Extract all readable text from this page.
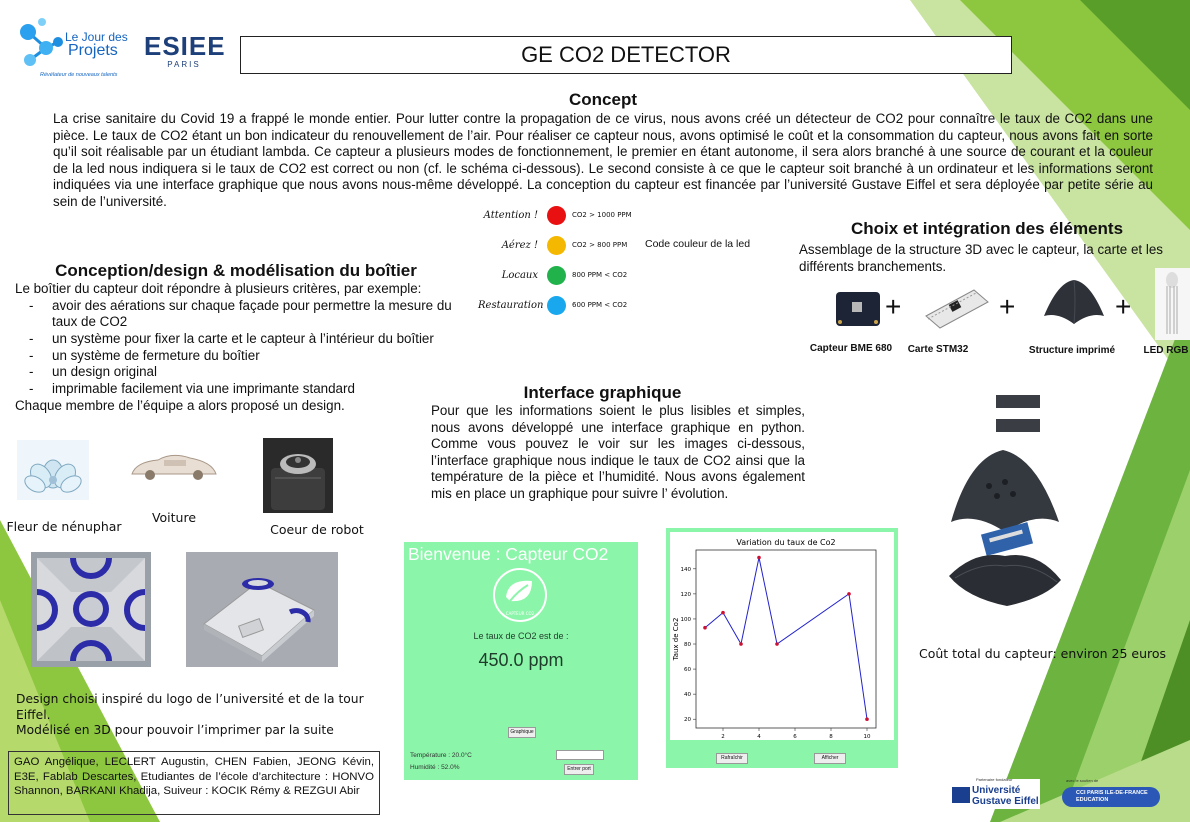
Le Jour des
Projets
Révélateur de nouveaux talents
ESIEE
PARIS	GE CO2 DETECTOR
Concept
La crise sanitaire du Covid 19 a frappé le monde entier. Pour lutter contre la propagation de ce virus, nous avons créé un détecteur de CO2 pour connaître le taux de CO2 dans une pièce. Le taux de CO2 étant un bon indicateur du renouvellement de l’air. Pour réaliser ce capteur nous, avons optimisé le coût et la consommation du capteur, nous avons fait en sorte qu’il soit réalisable par un étudiant lambda. Ce capteur a plusieurs modes de fonctionnement, le premier en étant autonome, il sera alors branché à une source de courant et la couleur de la led nous indiquera si le taux de CO2 est correct ou non (cf. le schéma ci-dessous). Le second consiste à ce que le capteur soit branché à un ordinateur et les informations seront indiquées via une interface graphique que nous avons nous-même développé. La conception du capteur est financée par l’université Gustave Eiffel et sera déployée par petite série au sein de l’université.
Attention !	CO2 > 1000 PPM
Aérez !	CO2 > 800 PPM
Locaux	800 PPM < CO2
Restauration	600 PPM < CO2
Code couleur de la led
Conception/design & modélisation du boîtier
Le boîtier du capteur doit répondre à plusieurs critères, par exemple:
- avoir des aérations sur chaque façade pour permettre la mesure du taux de CO2
- un système pour fixer la carte et le capteur à l’intérieur du boîtier
- un système de fermeture du boîtier
- un design original
- imprimable facilement via une imprimante standard
Chaque membre de l’équipe a alors proposé un design.
Fleur de nénuphar
Voiture
Coeur de robot
Design choisi inspiré du logo de l’université et de la tour Eiffel.
Modélisé en 3D pour pouvoir l’imprimer par la suite
GAO Angélique, LECLERT Augustin, CHEN Fabien, JEONG Kévin, E3E, Fablab Descartes, Etudiantes de l’école d’architecture : HONVO Shannon, BARKANI Khadija, Suiveur : KOCIK Rémy & REZGUI Abir
Interface graphique
Pour que les informations soient le plus lisibles et simples, nous avons développé une interface graphique en python. Comme vous pouvez le voir sur les images ci-dessous, l’interface graphique nous indique le taux de CO2 ainsi que la température de la pièce et l’humidité. Nous avons également mis en place un graphique pour suivre l’ évolution.
Bienvenue : Capteur CO2
CAPTEUR CO2
Le taux de CO2 est de :
450.0 ppm
Graphique
Température : 20.0°C
Humidité : 52.0%	Entrer port
Variation du taux de Co2
Taux de Co2
20
40
60
80
100
120
140
2	4	6	8	10
Rafraîchir	Afficher
Choix et intégration des éléments
Assemblage de la structure 3D avec le capteur, la carte et les différents branchements.
+	+	+
Capteur BME 680	Carte STM32	Structure imprimé	LED RGB
Coût total du capteur: environ 25 euros
Partenaire fondateur
Université
Gustave Eiffel
avec le soutien de
CCI PARIS ILE-DE-FRANCE
EDUCATION
